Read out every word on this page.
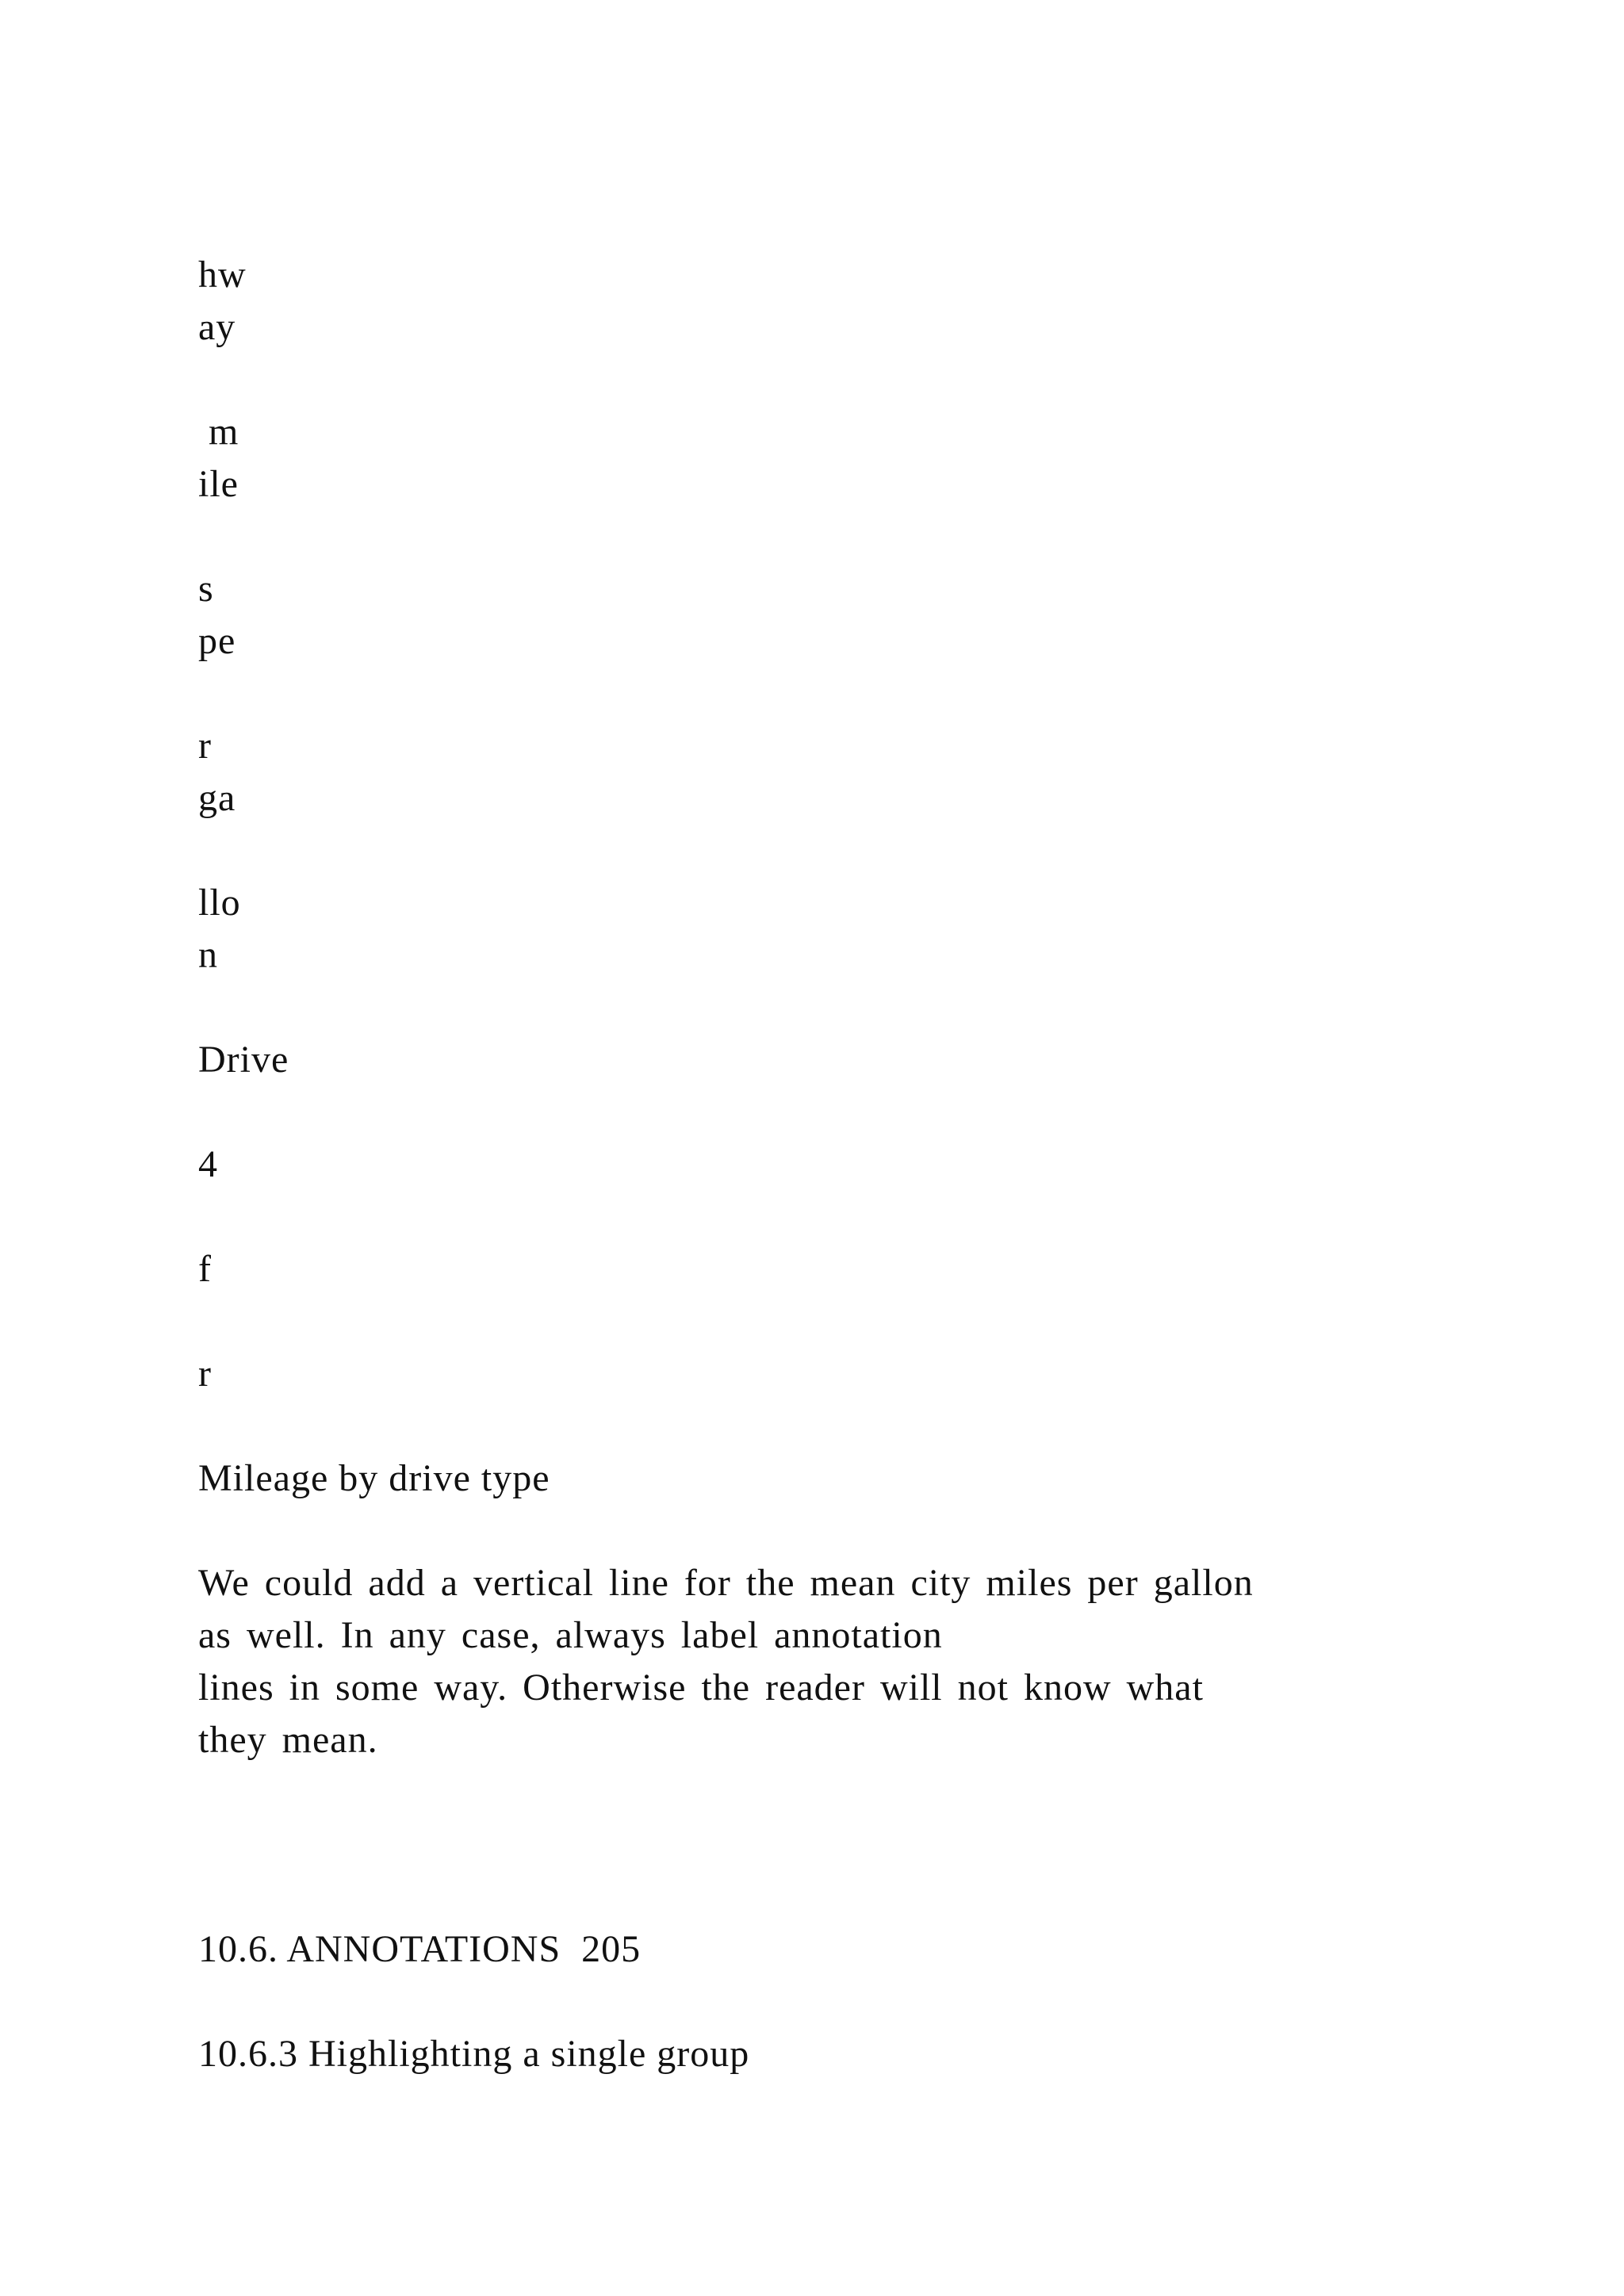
hw
ay
m
ile
s
pe
r
ga
llo
n
Drive
4
f
r
Mileage by drive type
We could add a vertical line for the mean city miles per gallon
as well. In any case, always label annotation
lines in some way. Otherwise the reader will not know what
they mean.
10.6. ANNOTATIONS  205
10.6.3 Highlighting a single group
